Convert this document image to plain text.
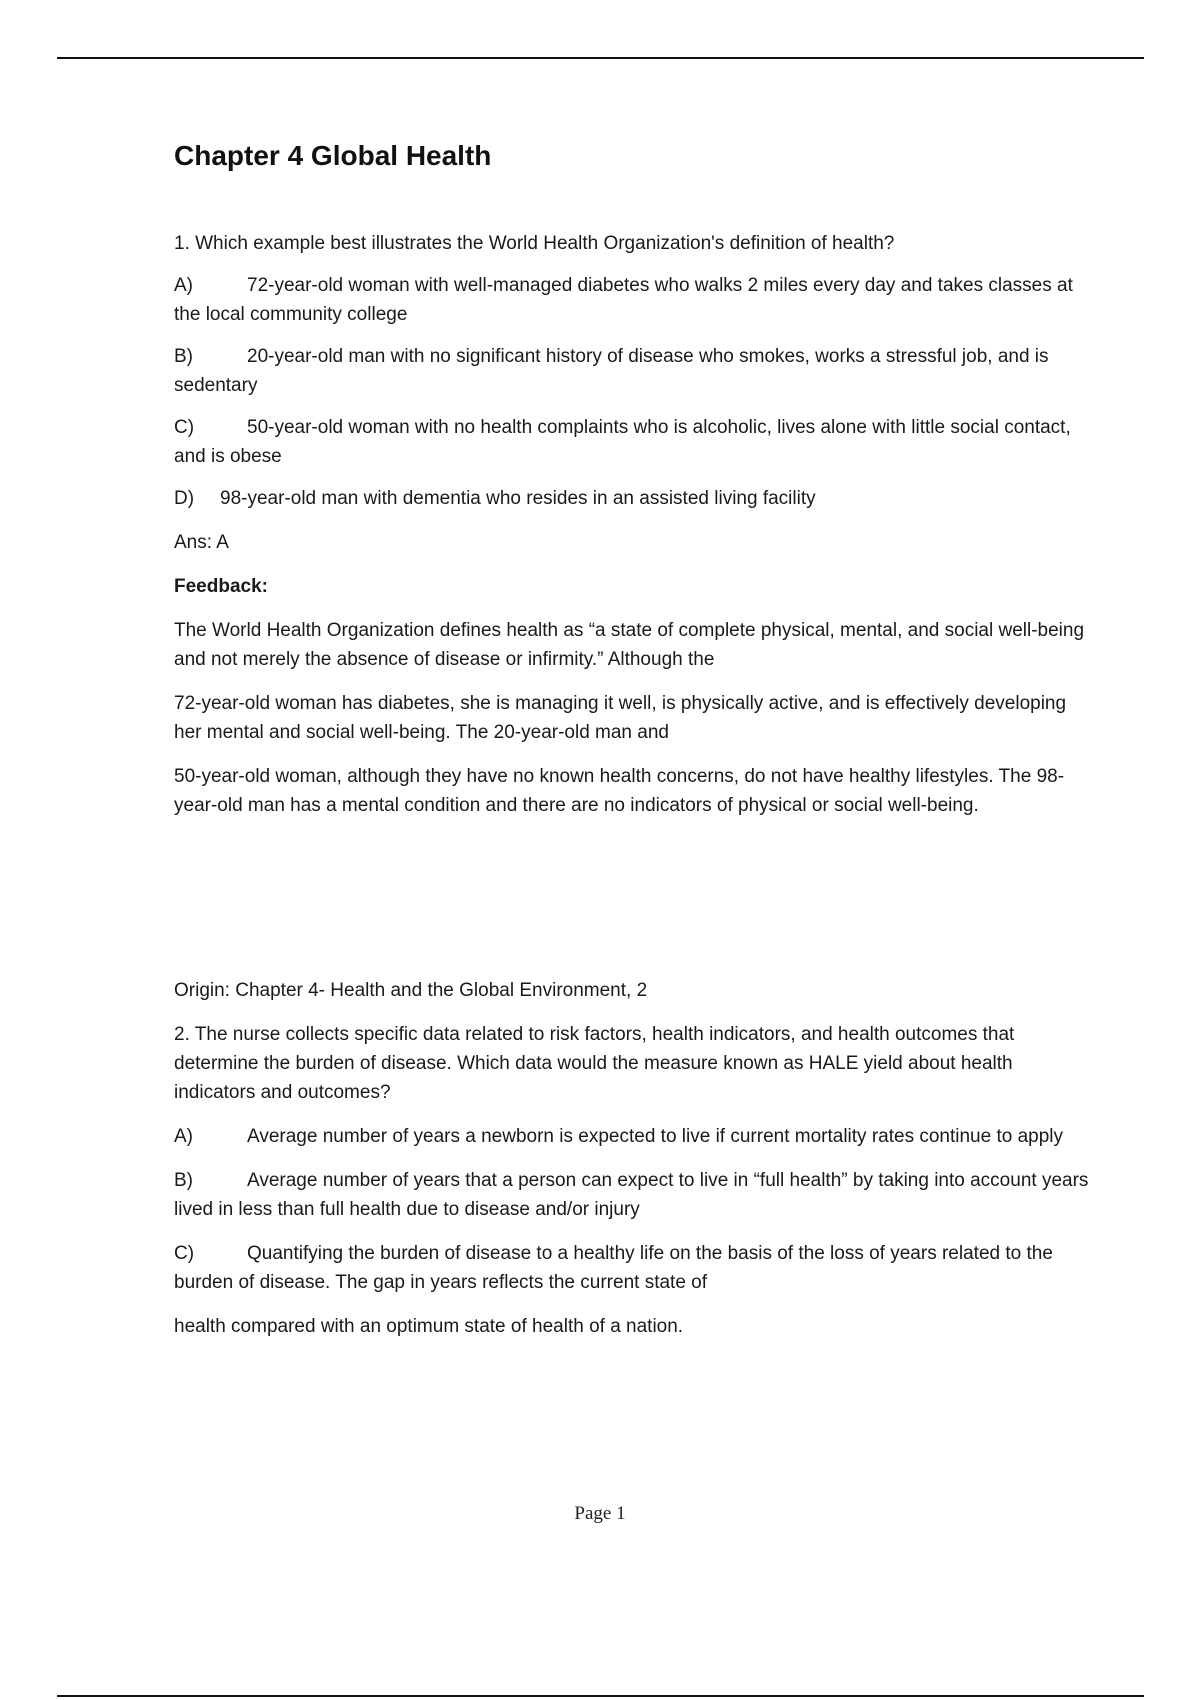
Chapter 4 Global Health

1. Which example best illustrates the World Health Organization's definition of health?

A)	72-year-old woman with well-managed diabetes who walks 2 miles every day and takes classes at the local community college

B)	20-year-old man with no significant history of disease who smokes, works a stressful job, and is sedentary

C)	50-year-old woman with no health complaints who is alcoholic, lives alone with little social contact, and is obese

D) 98-year-old man with dementia who resides in an assisted living facility

Ans: A

Feedback:

The World Health Organization defines health as “a state of complete physical, mental, and social well-being and not merely the absence of disease or infirmity.” Although the

72-year-old woman has diabetes, she is managing it well, is physically active, and is effectively developing her mental and social well-being. The 20-year-old man and

50-year-old woman, although they have no known health concerns, do not have healthy lifestyles. The 98-year-old man has a mental condition and there are no indicators of physical or social well-being.

Origin: Chapter 4- Health and the Global Environment, 2

2. The nurse collects specific data related to risk factors, health indicators, and health outcomes that determine the burden of disease. Which data would the measure known as HALE yield about health indicators and outcomes?

A)	Average number of years a newborn is expected to live if current mortality rates continue to apply

B)	Average number of years that a person can expect to live in “full health” by taking into account years lived in less than full health due to disease and/or injury

C)	Quantifying the burden of disease to a healthy life on the basis of the loss of years related to the burden of disease. The gap in years reflects the current state of

health compared with an optimum state of health of a nation.

Page 1
